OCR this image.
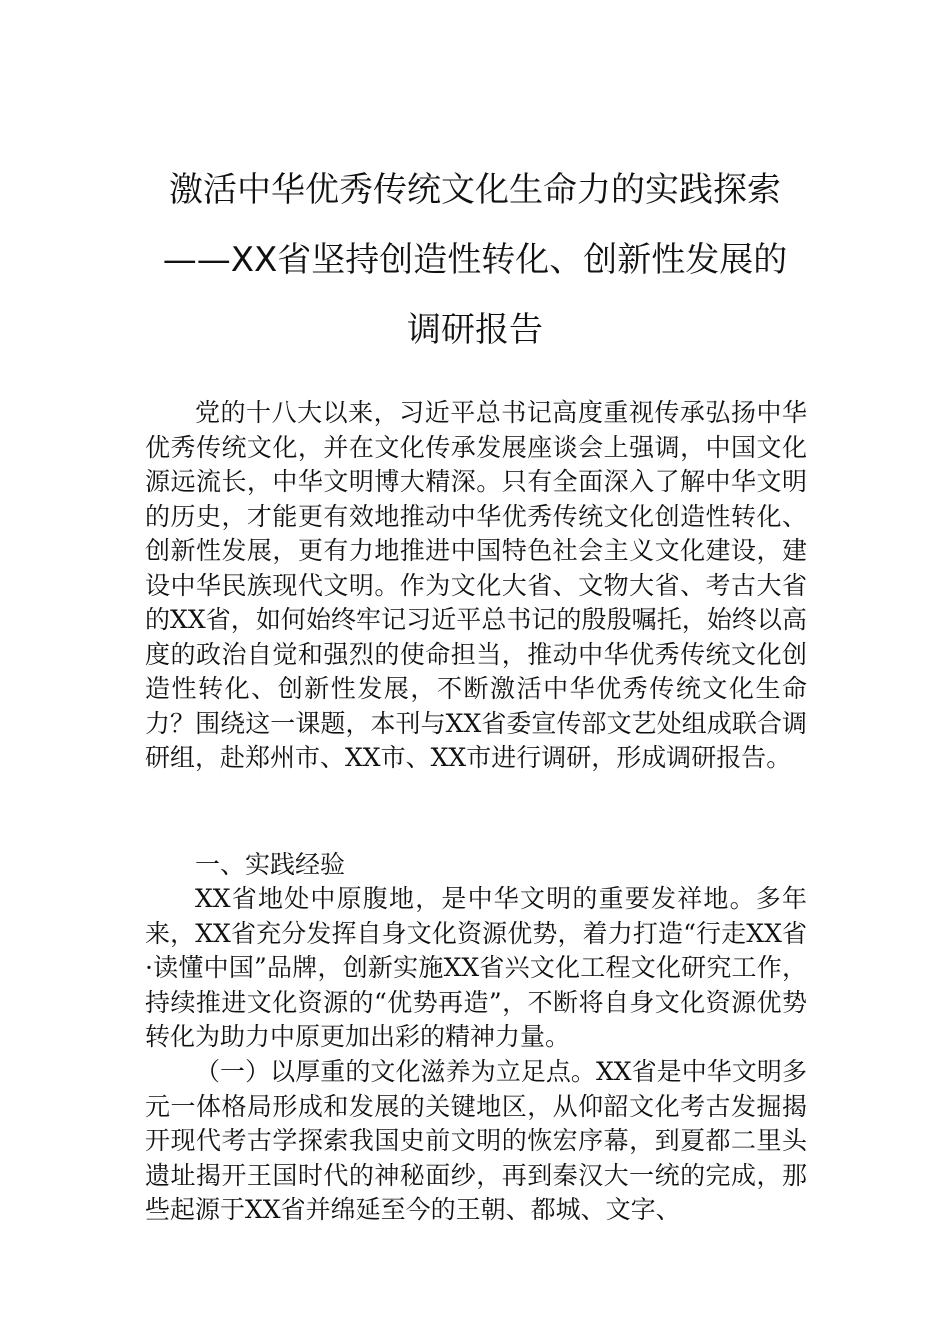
激活中华优秀传统文化生命力的实践探索
——XX省坚持创造性转化、创新性发展的
调研报告

党的十八大以来，习近平总书记高度重视传承弘扬中华优秀传统文化，并在文化传承发展座谈会上强调，中国文化源远流长，中华文明博大精深。只有全面深入了解中华文明的历史，才能更有效地推动中华优秀传统文化创造性转化、创新性发展，更有力地推进中国特色社会主义文化建设，建设中华民族现代文明。作为文化大省、文物大省、考古大省的XX省，如何始终牢记习近平总书记的殷殷嘱托，始终以高度的政治自觉和强烈的使命担当，推动中华优秀传统文化创造性转化、创新性发展，不断激活中华优秀传统文化生命力？围绕这一课题，本刊与XX省委宣传部文艺处组成联合调研组，赴郑州市、XX市、XX市进行调研，形成调研报告。

一、实践经验

XX省地处中原腹地，是中华文明的重要发祥地。多年来，XX省充分发挥自身文化资源优势，着力打造“行走XX省·读懂中国”品牌，创新实施XX省兴文化工程文化研究工作，持续推进文化资源的“优势再造”，不断将自身文化资源优势转化为助力中原更加出彩的精神力量。

（一）以厚重的文化滋养为立足点。XX省是中华文明多元一体格局形成和发展的关键地区，从仰韶文化考古发掘揭开现代考古学探索我国史前文明的恢宏序幕，到夏都二里头遗址揭开王国时代的神秘面纱，再到秦汉大一统的完成，那些起源于XX省并绵延至今的王朝、都城、文字、
